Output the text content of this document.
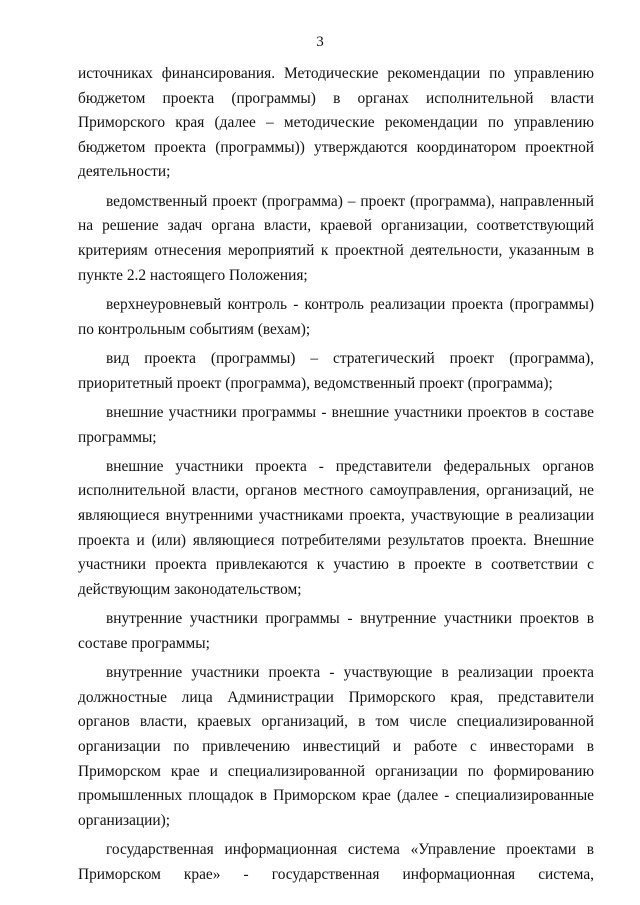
3

источниках финансирования. Методические рекомендации по управлению бюджетом проекта (программы) в органах исполнительной власти Приморского края (далее – методические рекомендации по управлению бюджетом проекта (программы)) утверждаются координатором проектной деятельности;

ведомственный проект (программа) – проект (программа), направленный на решение задач органа власти, краевой организации, соответствующий критериям отнесения мероприятий к проектной деятельности, указанным в пункте 2.2 настоящего Положения;

верхнеуровневый контроль - контроль реализации проекта (программы) по контрольным событиям (вехам);

вид проекта (программы) – стратегический проект (программа), приоритетный проект (программа), ведомственный проект (программа);

внешние участники программы - внешние участники проектов в составе программы;

внешние участники проекта - представители федеральных органов исполнительной власти, органов местного самоуправления, организаций, не являющиеся внутренними участниками проекта, участвующие в реализации проекта и (или) являющиеся потребителями результатов проекта. Внешние участники проекта привлекаются к участию в проекте в соответствии с действующим законодательством;

внутренние участники программы - внутренние участники проектов в составе программы;

внутренние участники проекта - участвующие в реализации проекта должностные лица Администрации Приморского края, представители органов власти, краевых организаций, в том числе специализированной организации по привлечению инвестиций и работе с инвесторами в Приморском крае и специализированной организации по формированию промышленных площадок в Приморском крае (далее - специализированные организации);

государственная информационная система «Управление проектами в Приморском крае» - государственная информационная система,
